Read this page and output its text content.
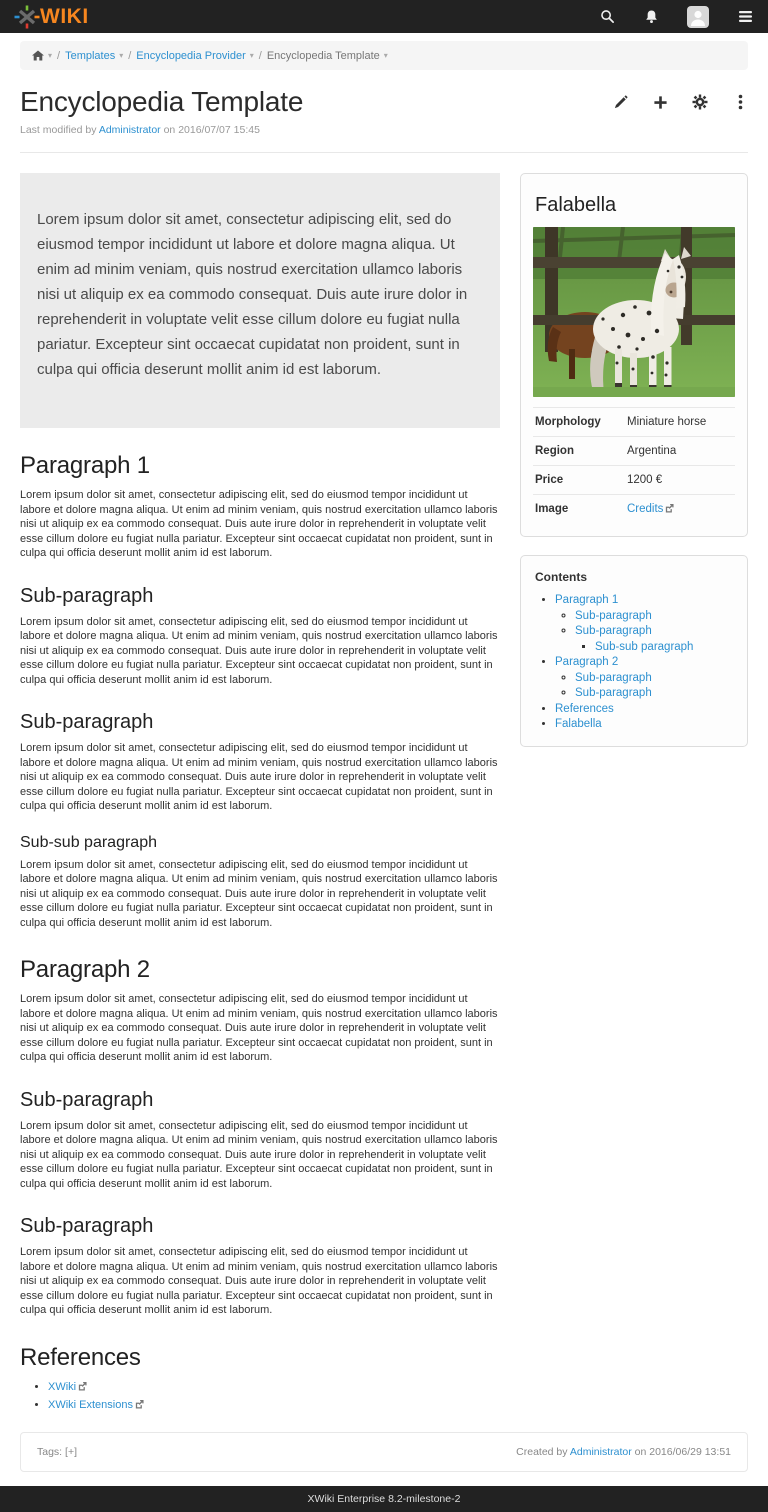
WIKI
▾ / Templates ▾ / Encyclopedia Provider ▾ / Encyclopedia Template ▾
Encyclopedia Template
Last modified by Administrator on 2016/07/07 15:45
Lorem ipsum dolor sit amet, consectetur adipiscing elit, sed do eiusmod tempor incididunt ut labore et dolore magna aliqua. Ut enim ad minim veniam, quis nostrud exercitation ullamco laboris nisi ut aliquip ex ea commodo consequat. Duis aute irure dolor in reprehenderit in voluptate velit esse cillum dolore eu fugiat nulla pariatur. Excepteur sint occaecat cupidatat non proident, sunt in culpa qui officia deserunt mollit anim id est laborum.
Paragraph 1

Lorem ipsum dolor sit amet, consectetur adipiscing elit, sed do eiusmod tempor incididunt ut labore et dolore magna aliqua. Ut enim ad minim veniam, quis nostrud exercitation ullamco laboris nisi ut aliquip ex ea commodo consequat. Duis aute irure dolor in reprehenderit in voluptate velit esse cillum dolore eu fugiat nulla pariatur. Excepteur sint occaecat cupidatat non proident, sunt in culpa qui officia deserunt mollit anim id est laborum.

Sub-paragraph

Lorem ipsum dolor sit amet, consectetur adipiscing elit, sed do eiusmod tempor incididunt ut labore et dolore magna aliqua. Ut enim ad minim veniam, quis nostrud exercitation ullamco laboris nisi ut aliquip ex ea commodo consequat. Duis aute irure dolor in reprehenderit in voluptate velit esse cillum dolore eu fugiat nulla pariatur. Excepteur sint occaecat cupidatat non proident, sunt in culpa qui officia deserunt mollit anim id est laborum.

Sub-paragraph

Lorem ipsum dolor sit amet, consectetur adipiscing elit, sed do eiusmod tempor incididunt ut labore et dolore magna aliqua. Ut enim ad minim veniam, quis nostrud exercitation ullamco laboris nisi ut aliquip ex ea commodo consequat. Duis aute irure dolor in reprehenderit in voluptate velit esse cillum dolore eu fugiat nulla pariatur. Excepteur sint occaecat cupidatat non proident, sunt in culpa qui officia deserunt mollit anim id est laborum.

Sub-sub paragraph

Lorem ipsum dolor sit amet, consectetur adipiscing elit, sed do eiusmod tempor incididunt ut labore et dolore magna aliqua. Ut enim ad minim veniam, quis nostrud exercitation ullamco laboris nisi ut aliquip ex ea commodo consequat. Duis aute irure dolor in reprehenderit in voluptate velit esse cillum dolore eu fugiat nulla pariatur. Excepteur sint occaecat cupidatat non proident, sunt in culpa qui officia deserunt mollit anim id est laborum.

Paragraph 2

Lorem ipsum dolor sit amet, consectetur adipiscing elit, sed do eiusmod tempor incididunt ut labore et dolore magna aliqua. Ut enim ad minim veniam, quis nostrud exercitation ullamco laboris nisi ut aliquip ex ea commodo consequat. Duis aute irure dolor in reprehenderit in voluptate velit esse cillum dolore eu fugiat nulla pariatur. Excepteur sint occaecat cupidatat non proident, sunt in culpa qui officia deserunt mollit anim id est laborum.

Sub-paragraph

Lorem ipsum dolor sit amet, consectetur adipiscing elit, sed do eiusmod tempor incididunt ut labore et dolore magna aliqua. Ut enim ad minim veniam, quis nostrud exercitation ullamco laboris nisi ut aliquip ex ea commodo consequat. Duis aute irure dolor in reprehenderit in voluptate velit esse cillum dolore eu fugiat nulla pariatur. Excepteur sint occaecat cupidatat non proident, sunt in culpa qui officia deserunt mollit anim id est laborum.

Sub-paragraph

Lorem ipsum dolor sit amet, consectetur adipiscing elit, sed do eiusmod tempor incididunt ut labore et dolore magna aliqua. Ut enim ad minim veniam, quis nostrud exercitation ullamco laboris nisi ut aliquip ex ea commodo consequat. Duis aute irure dolor in reprehenderit in voluptate velit esse cillum dolore eu fugiat nulla pariatur. Excepteur sint occaecat cupidatat non proident, sunt in culpa qui officia deserunt mollit anim id est laborum.

References
• XWiki
• XWiki Extensions
Falabella
Morphology	Miniature horse
Region	Argentina
Price	1200 €
Image	Credits
Contents
• Paragraph 1
◦ Sub-paragraph
◦ Sub-paragraph
▪ Sub-sub paragraph
• Paragraph 2
◦ Sub-paragraph
◦ Sub-paragraph
• References
• Falabella
Tags: [+]	Created by Administrator on 2016/06/29 13:51
XWiki Enterprise 8.2-milestone-2
